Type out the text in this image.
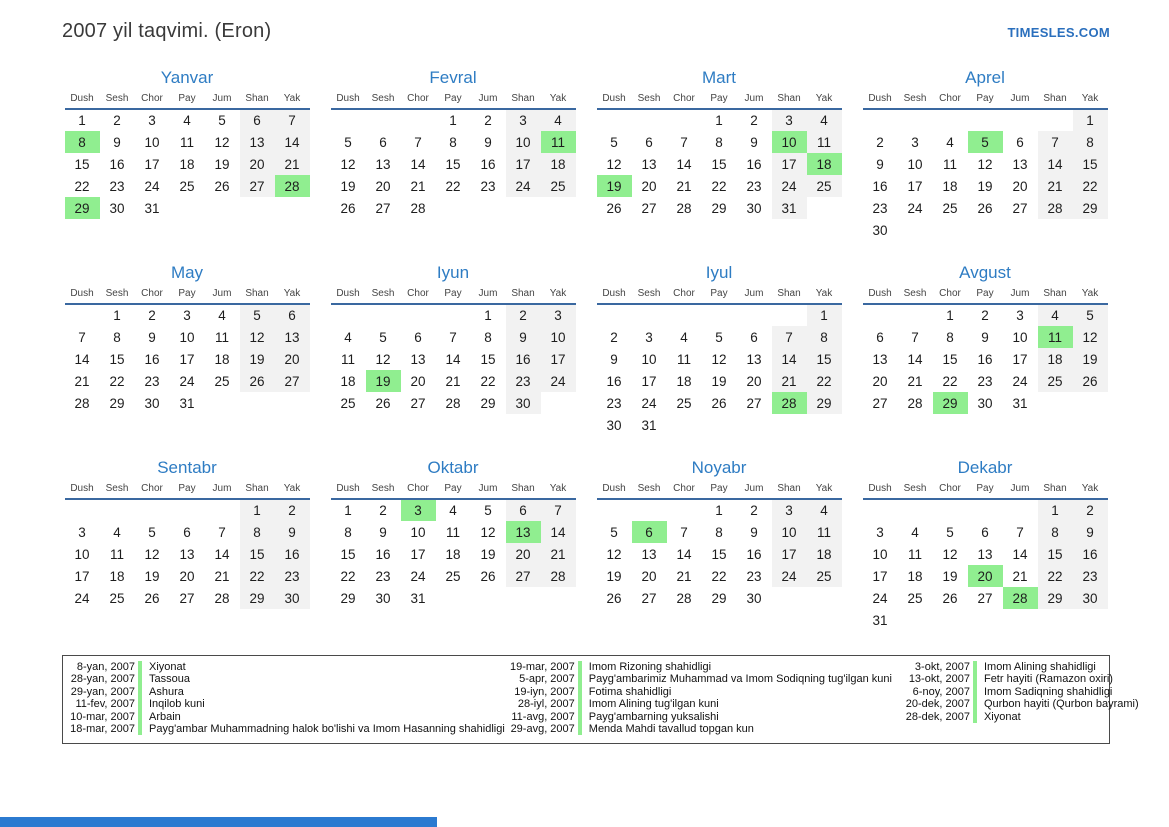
2007 yil taqvimi. (Eron)	TIMESLES.COM
Yanvar
Dush	Sesh	Chor	Pay	Jum	Shan	Yak
1	2	3	4	5	6	7
8	9	10	11	12	13	14
15	16	17	18	19	20	21
22	23	24	25	26	27	28
29	30	31				
Fevral
Dush	Sesh	Chor	Pay	Jum	Shan	Yak
			1	2	3	4
5	6	7	8	9	10	11
12	13	14	15	16	17	18
19	20	21	22	23	24	25
26	27	28				
Mart
Dush	Sesh	Chor	Pay	Jum	Shan	Yak
			1	2	3	4
5	6	7	8	9	10	11
12	13	14	15	16	17	18
19	20	21	22	23	24	25
26	27	28	29	30	31	
Aprel
Dush	Sesh	Chor	Pay	Jum	Shan	Yak
						1
2	3	4	5	6	7	8
9	10	11	12	13	14	15
16	17	18	19	20	21	22
23	24	25	26	27	28	29
30						
May
Dush	Sesh	Chor	Pay	Jum	Shan	Yak
	1	2	3	4	5	6
7	8	9	10	11	12	13
14	15	16	17	18	19	20
21	22	23	24	25	26	27
28	29	30	31			
Iyun
Dush	Sesh	Chor	Pay	Jum	Shan	Yak
				1	2	3
4	5	6	7	8	9	10
11	12	13	14	15	16	17
18	19	20	21	22	23	24
25	26	27	28	29	30	
Iyul
Dush	Sesh	Chor	Pay	Jum	Shan	Yak
						1
2	3	4	5	6	7	8
9	10	11	12	13	14	15
16	17	18	19	20	21	22
23	24	25	26	27	28	29
30	31					
Avgust
Dush	Sesh	Chor	Pay	Jum	Shan	Yak
		1	2	3	4	5
6	7	8	9	10	11	12
13	14	15	16	17	18	19
20	21	22	23	24	25	26
27	28	29	30	31		
Sentabr
Dush	Sesh	Chor	Pay	Jum	Shan	Yak
					1	2
3	4	5	6	7	8	9
10	11	12	13	14	15	16
17	18	19	20	21	22	23
24	25	26	27	28	29	30
Oktabr
Dush	Sesh	Chor	Pay	Jum	Shan	Yak
1	2	3	4	5	6	7
8	9	10	11	12	13	14
15	16	17	18	19	20	21
22	23	24	25	26	27	28
29	30	31				
Noyabr
Dush	Sesh	Chor	Pay	Jum	Shan	Yak
			1	2	3	4
5	6	7	8	9	10	11
12	13	14	15	16	17	18
19	20	21	22	23	24	25
26	27	28	29	30		
Dekabr
Dush	Sesh	Chor	Pay	Jum	Shan	Yak
					1	2
3	4	5	6	7	8	9
10	11	12	13	14	15	16
17	18	19	20	21	22	23
24	25	26	27	28	29	30
31						
8-yan, 2007 Xiyonat
28-yan, 2007 Tassoua
29-yan, 2007 Ashura
11-fev, 2007 Inqilob kuni
10-mar, 2007 Arbain
18-mar, 2007 Payg'ambar Muhammadning halok bo'lishi va Imom Hasanning shahidligi
19-mar, 2007 Imom Rizoning shahidligi
5-apr, 2007 Payg'ambarimiz Muhammad va Imom Sodiqning tug'ilgan kuni
19-iyn, 2007 Fotima shahidligi
28-iyl, 2007 Imom Alining tug'ilgan kuni
11-avg, 2007 Payg'ambarning yuksalishi
29-avg, 2007 Menda Mahdi tavallud topgan kun
3-okt, 2007 Imom Alining shahidligi
13-okt, 2007 Fetr hayiti (Ramazon oxiri)
6-noy, 2007 Imom Sadiqning shahidligi
20-dek, 2007 Qurbon hayiti (Qurbon bayrami)
28-dek, 2007 Xiyonat
